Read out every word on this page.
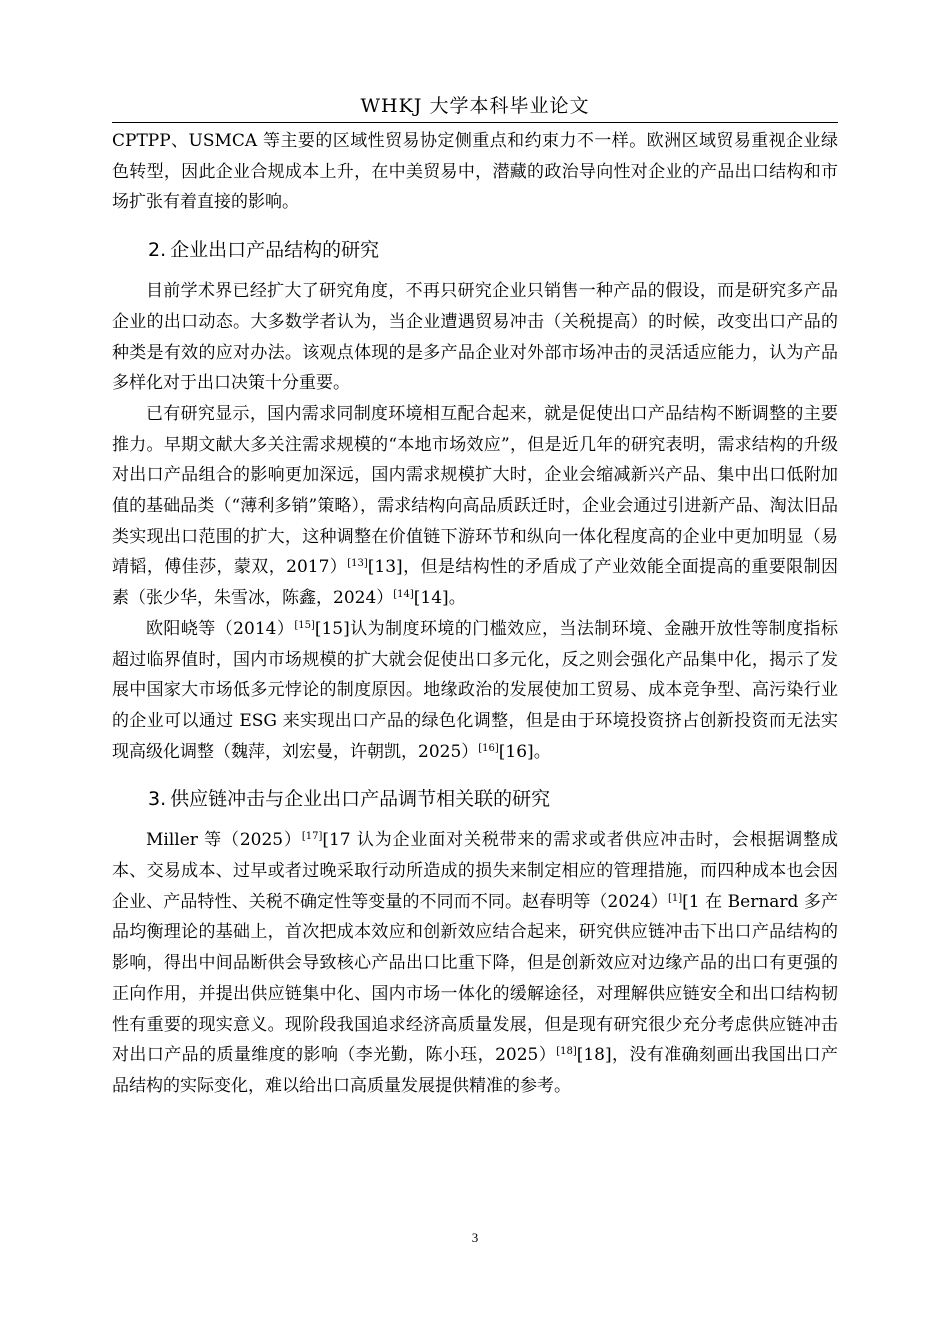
WHKJ 大学本科毕业论文

CPTPP、USMCA 等主要的区域性贸易协定侧重点和约束力不一样。欧洲区域贸易重视企业绿色转型，因此企业合规成本上升，在中美贸易中，潜藏的政治导向性对企业的产品出口结构和市场扩张有着直接的影响。

2. 企业出口产品结构的研究

目前学术界已经扩大了研究角度，不再只研究企业只销售一种产品的假设，而是研究多产品企业的出口动态。大多数学者认为，当企业遭遇贸易冲击（关税提高）的时候，改变出口产品的种类是有效的应对办法。该观点体现的是多产品企业对外部市场冲击的灵活适应能力，认为产品多样化对于出口决策十分重要。

已有研究显示，国内需求同制度环境相互配合起来，就是促使出口产品结构不断调整的主要推力。早期文献大多关注需求规模的“本地市场效应”，但是近几年的研究表明，需求结构的升级对出口产品组合的影响更加深远，国内需求规模扩大时，企业会缩减新兴产品、集中出口低附加值的基础品类（“薄利多销”策略），需求结构向高品质跃迁时，企业会通过引进新产品、淘汰旧品类实现出口范围的扩大，这种调整在价值链下游环节和纵向一体化程度高的企业中更加明显（易靖韬，傅佳莎，蒙双，2017）[13][13]，但是结构性的矛盾成了产业效能全面提高的重要限制因素（张少华，朱雪冰，陈鑫，2024）[14][14]。

欧阳峣等（2014）[15][15]认为制度环境的门槛效应，当法制环境、金融开放性等制度指标超过临界值时，国内市场规模的扩大就会促使出口多元化，反之则会强化产品集中化，揭示了发展中国家大市场低多元悖论的制度原因。地缘政治的发展使加工贸易、成本竞争型、高污染行业的企业可以通过 ESG 来实现出口产品的绿色化调整，但是由于环境投资挤占创新投资而无法实现高级化调整（魏萍，刘宏曼，许朝凯，2025）[16][16]。

3. 供应链冲击与企业出口产品调节相关联的研究

Miller 等（2025）[17][17 认为企业面对关税带来的需求或者供应冲击时，会根据调整成本、交易成本、过早或者过晚采取行动所造成的损失来制定相应的管理措施，而四种成本也会因企业、产品特性、关税不确定性等变量的不同而不同。赵春明等（2024）[1][1 在 Bernard 多产品均衡理论的基础上，首次把成本效应和创新效应结合起来，研究供应链冲击下出口产品结构的影响，得出中间品断供会导致核心产品出口比重下降，但是创新效应对边缘产品的出口有更强的正向作用，并提出供应链集中化、国内市场一体化的缓解途径，对理解供应链安全和出口结构韧性有重要的现实意义。现阶段我国追求经济高质量发展，但是现有研究很少充分考虑供应链冲击对出口产品的质量维度的影响（李光勤，陈小珏，2025）[18][18]，没有准确刻画出我国出口产品结构的实际变化，难以给出口高质量发展提供精准的参考。

3
